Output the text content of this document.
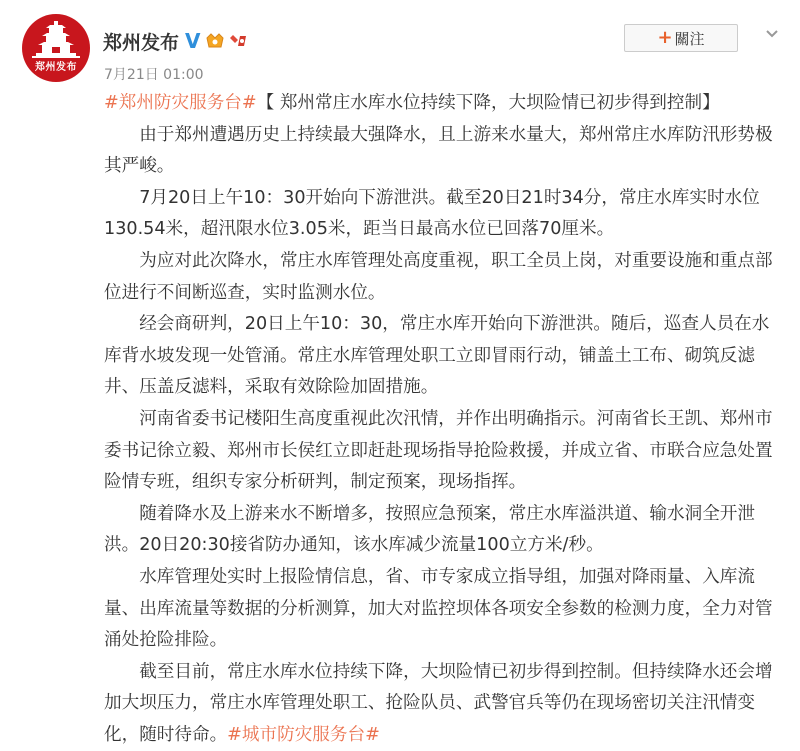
郑州发布
郑州发布 V
7月21日 01:00
+ 關注

#郑州防灾服务台#【 郑州常庄水库水位持续下降，大坝险情已初步得到控制】

由于郑州遭遇历史上持续最大强降水，且上游来水量大，郑州常庄水库防汛形势极其严峻。

7月20日上午10：30开始向下游泄洪。截至20日21时34分，常庄水库实时水位130.54米，超汛限水位3.05米，距当日最高水位已回落70厘米。

为应对此次降水，常庄水库管理处高度重视，职工全员上岗，对重要设施和重点部位进行不间断巡查，实时监测水位。

经会商研判，20日上午10：30，常庄水库开始向下游泄洪。随后，巡查人员在水库背水坡发现一处管涌。常庄水库管理处职工立即冒雨行动，铺盖土工布、砌筑反滤井、压盖反滤料，采取有效除险加固措施。

河南省委书记楼阳生高度重视此次汛情，并作出明确指示。河南省长王凯、郑州市委书记徐立毅、郑州市长侯红立即赶赴现场指导抢险救援，并成立省、市联合应急处置险情专班，组织专家分析研判，制定预案，现场指挥。

随着降水及上游来水不断增多，按照应急预案，常庄水库溢洪道、输水洞全开泄洪。20日20:30接省防办通知，该水库减少流量100立方米/秒。

水库管理处实时上报险情信息，省、市专家成立指导组，加强对降雨量、入库流量、出库流量等数据的分析测算，加大对监控坝体各项安全参数的检测力度，全力对管涌处抢险排险。

截至目前，常庄水库水位持续下降，大坝险情已初步得到控制。但持续降水还会增加大坝压力，常庄水库管理处职工、抢险队员、武警官兵等仍在现场密切关注汛情变化，随时待命。#城市防灾服务台#
